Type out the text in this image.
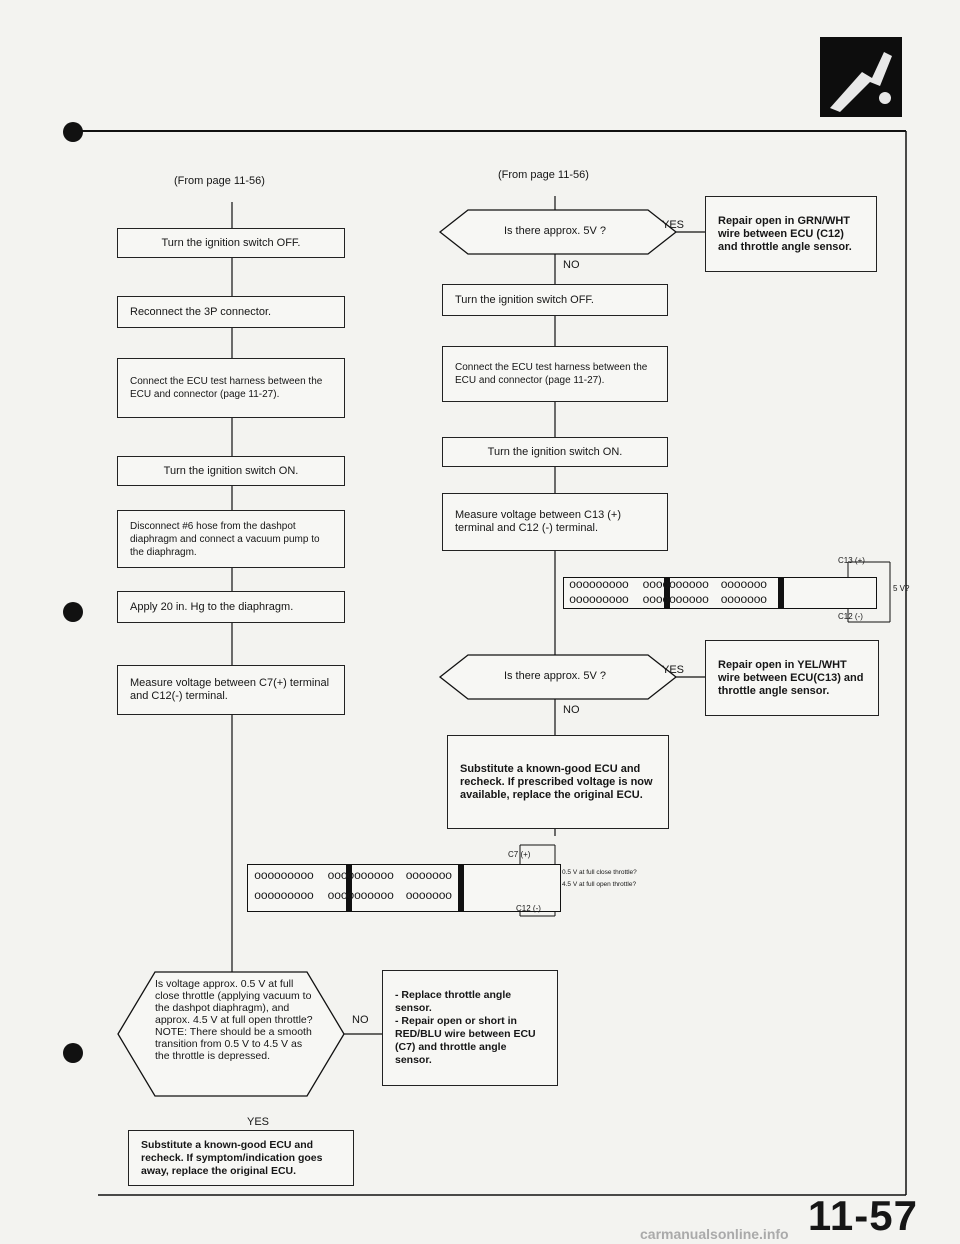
(From page 11-56)
Turn the ignition switch OFF.
Reconnect the 3P connector.
Connect the ECU test harness between the ECU and connector (page 11-27).
Turn the ignition switch ON.
Disconnect #6 hose from the dashpot diaphragm and connect a vacuum pump to the diaphragm.
Apply 20 in. Hg to the diaphragm.
Measure voltage between C7(+) terminal and C12(-) terminal.
ooooooooo oooooooooo ooooooo
ooooooooo oooooooooo ooooooo
C7 (+)
C12 (-)
0.5 V at full close throttle?
4.5 V at full open throttle?
Is voltage approx. 0.5 V at full close throttle (applying vacuum to the dashpot diaphragm), and approx. 4.5 V at full open throttle? NOTE: There should be a smooth transition from 0.5 V to 4.5 V as the throttle is depressed.
NO
YES
- Replace throttle angle sensor.
- Repair open or short in RED/BLU wire between ECU (C7) and throttle angle sensor.
Substitute a known-good ECU and recheck. If symptom/indication goes away, replace the original ECU.
(From page 11-56)
Is there approx. 5V ?	YES
NO
Repair open in GRN/WHT wire between ECU (C12) and throttle angle sensor.
Turn the ignition switch OFF.
Connect the ECU test harness between the ECU and connector (page 11-27).
Turn the ignition switch ON.
Measure voltage between C13 (+) terminal and C12 (-) terminal.
ooooooooo oooooooooo ooooooo
ooooooooo oooooooooo ooooooo
C13 (+)
C12 (-)
5 V?
Is there approx. 5V ?	YES
NO
Repair open in YEL/WHT wire between ECU(C13) and throttle angle sensor.
Substitute a known-good ECU and recheck. If prescribed voltage is now available, replace the original ECU.
11-57
carmanualsonline.info
